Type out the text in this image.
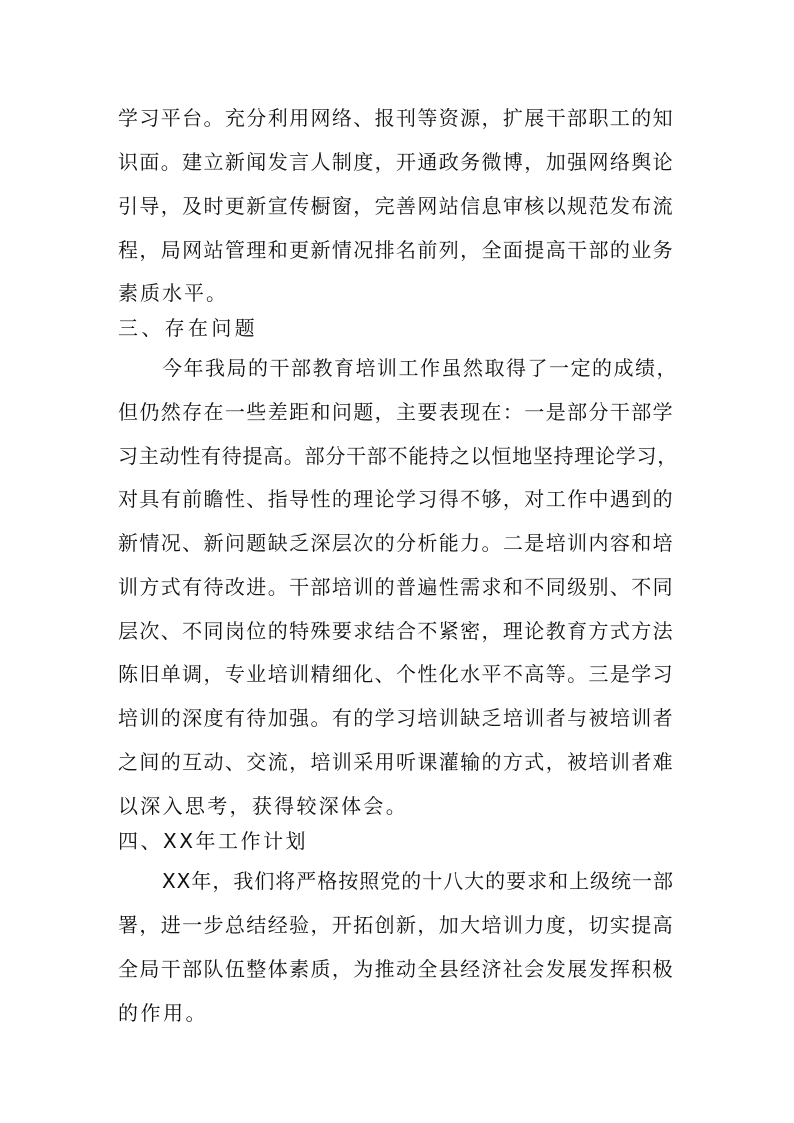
学习平台。充分利用网络、报刊等资源，扩展干部职工的知
识面。建立新闻发言人制度，开通政务微博，加强网络舆论
引导，及时更新宣传橱窗，完善网站信息审核以规范发布流
程，局网站管理和更新情况排名前列，全面提高干部的业务
素质水平。
三、存在问题
今年我局的干部教育培训工作虽然取得了一定的成绩，
但仍然存在一些差距和问题，主要表现在：一是部分干部学
习主动性有待提高。部分干部不能持之以恒地坚持理论学习，
对具有前瞻性、指导性的理论学习得不够，对工作中遇到的
新情况、新问题缺乏深层次的分析能力。二是培训内容和培
训方式有待改进。干部培训的普遍性需求和不同级别、不同
层次、不同岗位的特殊要求结合不紧密，理论教育方式方法
陈旧单调，专业培训精细化、个性化水平不高等。三是学习
培训的深度有待加强。有的学习培训缺乏培训者与被培训者
之间的互动、交流，培训采用听课灌输的方式，被培训者难
以深入思考，获得较深体会。
四、XX年工作计划
XX年，我们将严格按照党的十八大的要求和上级统一部
署，进一步总结经验，开拓创新，加大培训力度，切实提高
全局干部队伍整体素质，为推动全县经济社会发展发挥积极
的作用。
